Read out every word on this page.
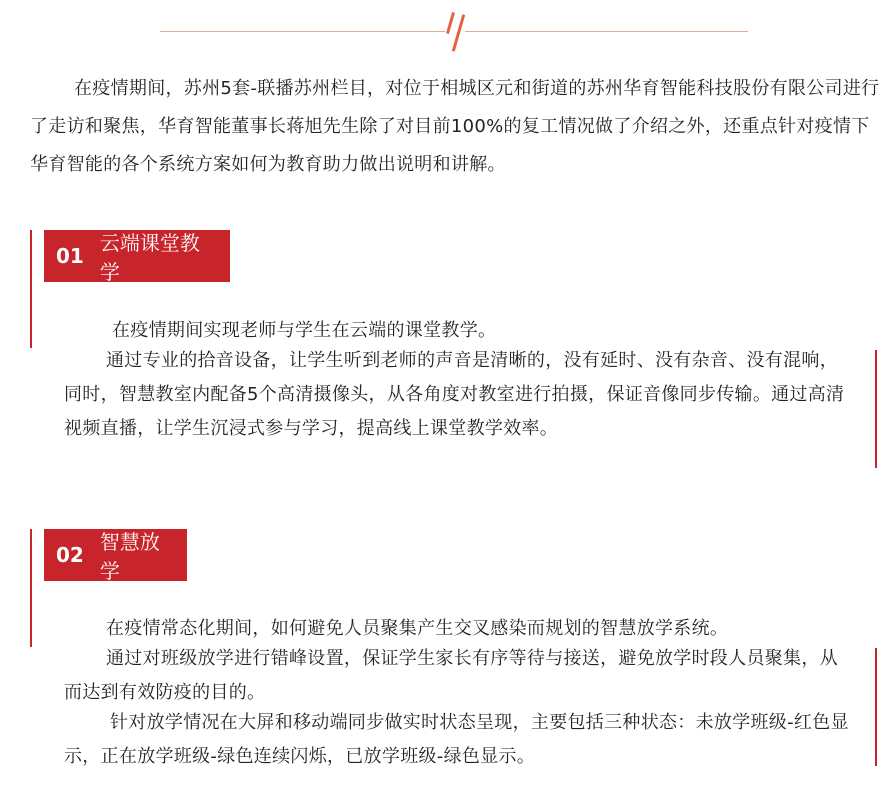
在疫情期间，苏州5套-联播苏州栏目，对位于相城区元和街道的苏州华育智能科技股份有限公司进行了走访和聚焦，华育智能董事长蒋旭先生除了对目前100%的复工情况做了介绍之外，还重点针对疫情下华育智能的各个系统方案如何为教育助力做出说明和讲解。

01
云端课堂教学

在疫情期间实现老师与学生在云端的课堂教学。

通过专业的拾音设备，让学生听到老师的声音是清晰的，没有延时、没有杂音、没有混响，同时，智慧教室内配备5个高清摄像头，从各角度对教室进行拍摄，保证音像同步传输。通过高清视频直播，让学生沉浸式参与学习，提高线上课堂教学效率。

02
智慧放学

在疫情常态化期间，如何避免人员聚集产生交叉感染而规划的智慧放学系统。

通过对班级放学进行错峰设置，保证学生家长有序等待与接送，避免放学时段人员聚集，从而达到有效防疫的目的。

针对放学情况在大屏和移动端同步做实时状态呈现，主要包括三种状态：未放学班级-红色显示，正在放学班级-绿色连续闪烁，已放学班级-绿色显示。
